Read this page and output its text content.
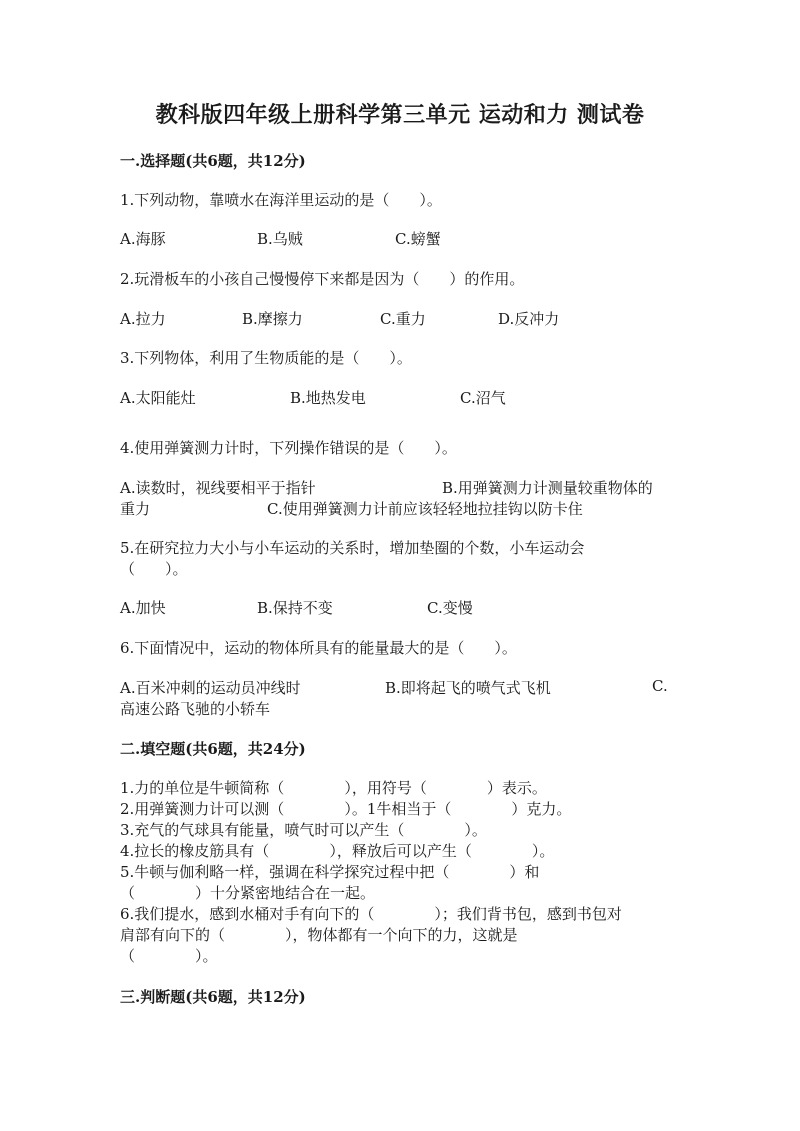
教科版四年级上册科学第三单元 运动和力 测试卷
一.选择题(共6题，共12分)
1.下列动物，靠喷水在海洋里运动的是（　　）。
A.海豚	B.乌贼	C.螃蟹
2.玩滑板车的小孩自己慢慢停下来都是因为（　　）的作用。
A.拉力	B.摩擦力	C.重力	D.反冲力
3.下列物体，利用了生物质能的是（　　）。
A.太阳能灶	B.地热发电	C.沼气
4.使用弹簧测力计时，下列操作错误的是（　　）。
A.读数时，视线要相平于指针	B.用弹簧测力计测量较重物体的
重力	C.使用弹簧测力计前应该轻轻地拉挂钩以防卡住
5.在研究拉力大小与小车运动的关系时，增加垫圈的个数，小车运动会
（　　）。
A.加快	B.保持不变	C.变慢
6.下面情况中，运动的物体所具有的能量最大的是（　　）。
A.百米冲刺的运动员冲线时	B.即将起飞的喷气式飞机	C.
高速公路飞驰的小轿车
二.填空题(共6题，共24分)
1.力的单位是牛顿简称（　　　　），用符号（　　　　）表示。
2.用弹簧测力计可以测（　　　　）。1牛相当于（　　　　）克力。
3.充气的气球具有能量，喷气时可以产生（　　　　）。
4.拉长的橡皮筋具有（　　　　），释放后可以产生（　　　　）。
5.牛顿与伽利略一样，强调在科学探究过程中把（　　　　）和
（　　　　）十分紧密地结合在一起。
6.我们提水，感到水桶对手有向下的（　　　　）；我们背书包，感到书包对
肩部有向下的（　　　　），物体都有一个向下的力，这就是
（　　　　）。
三.判断题(共6题，共12分)
